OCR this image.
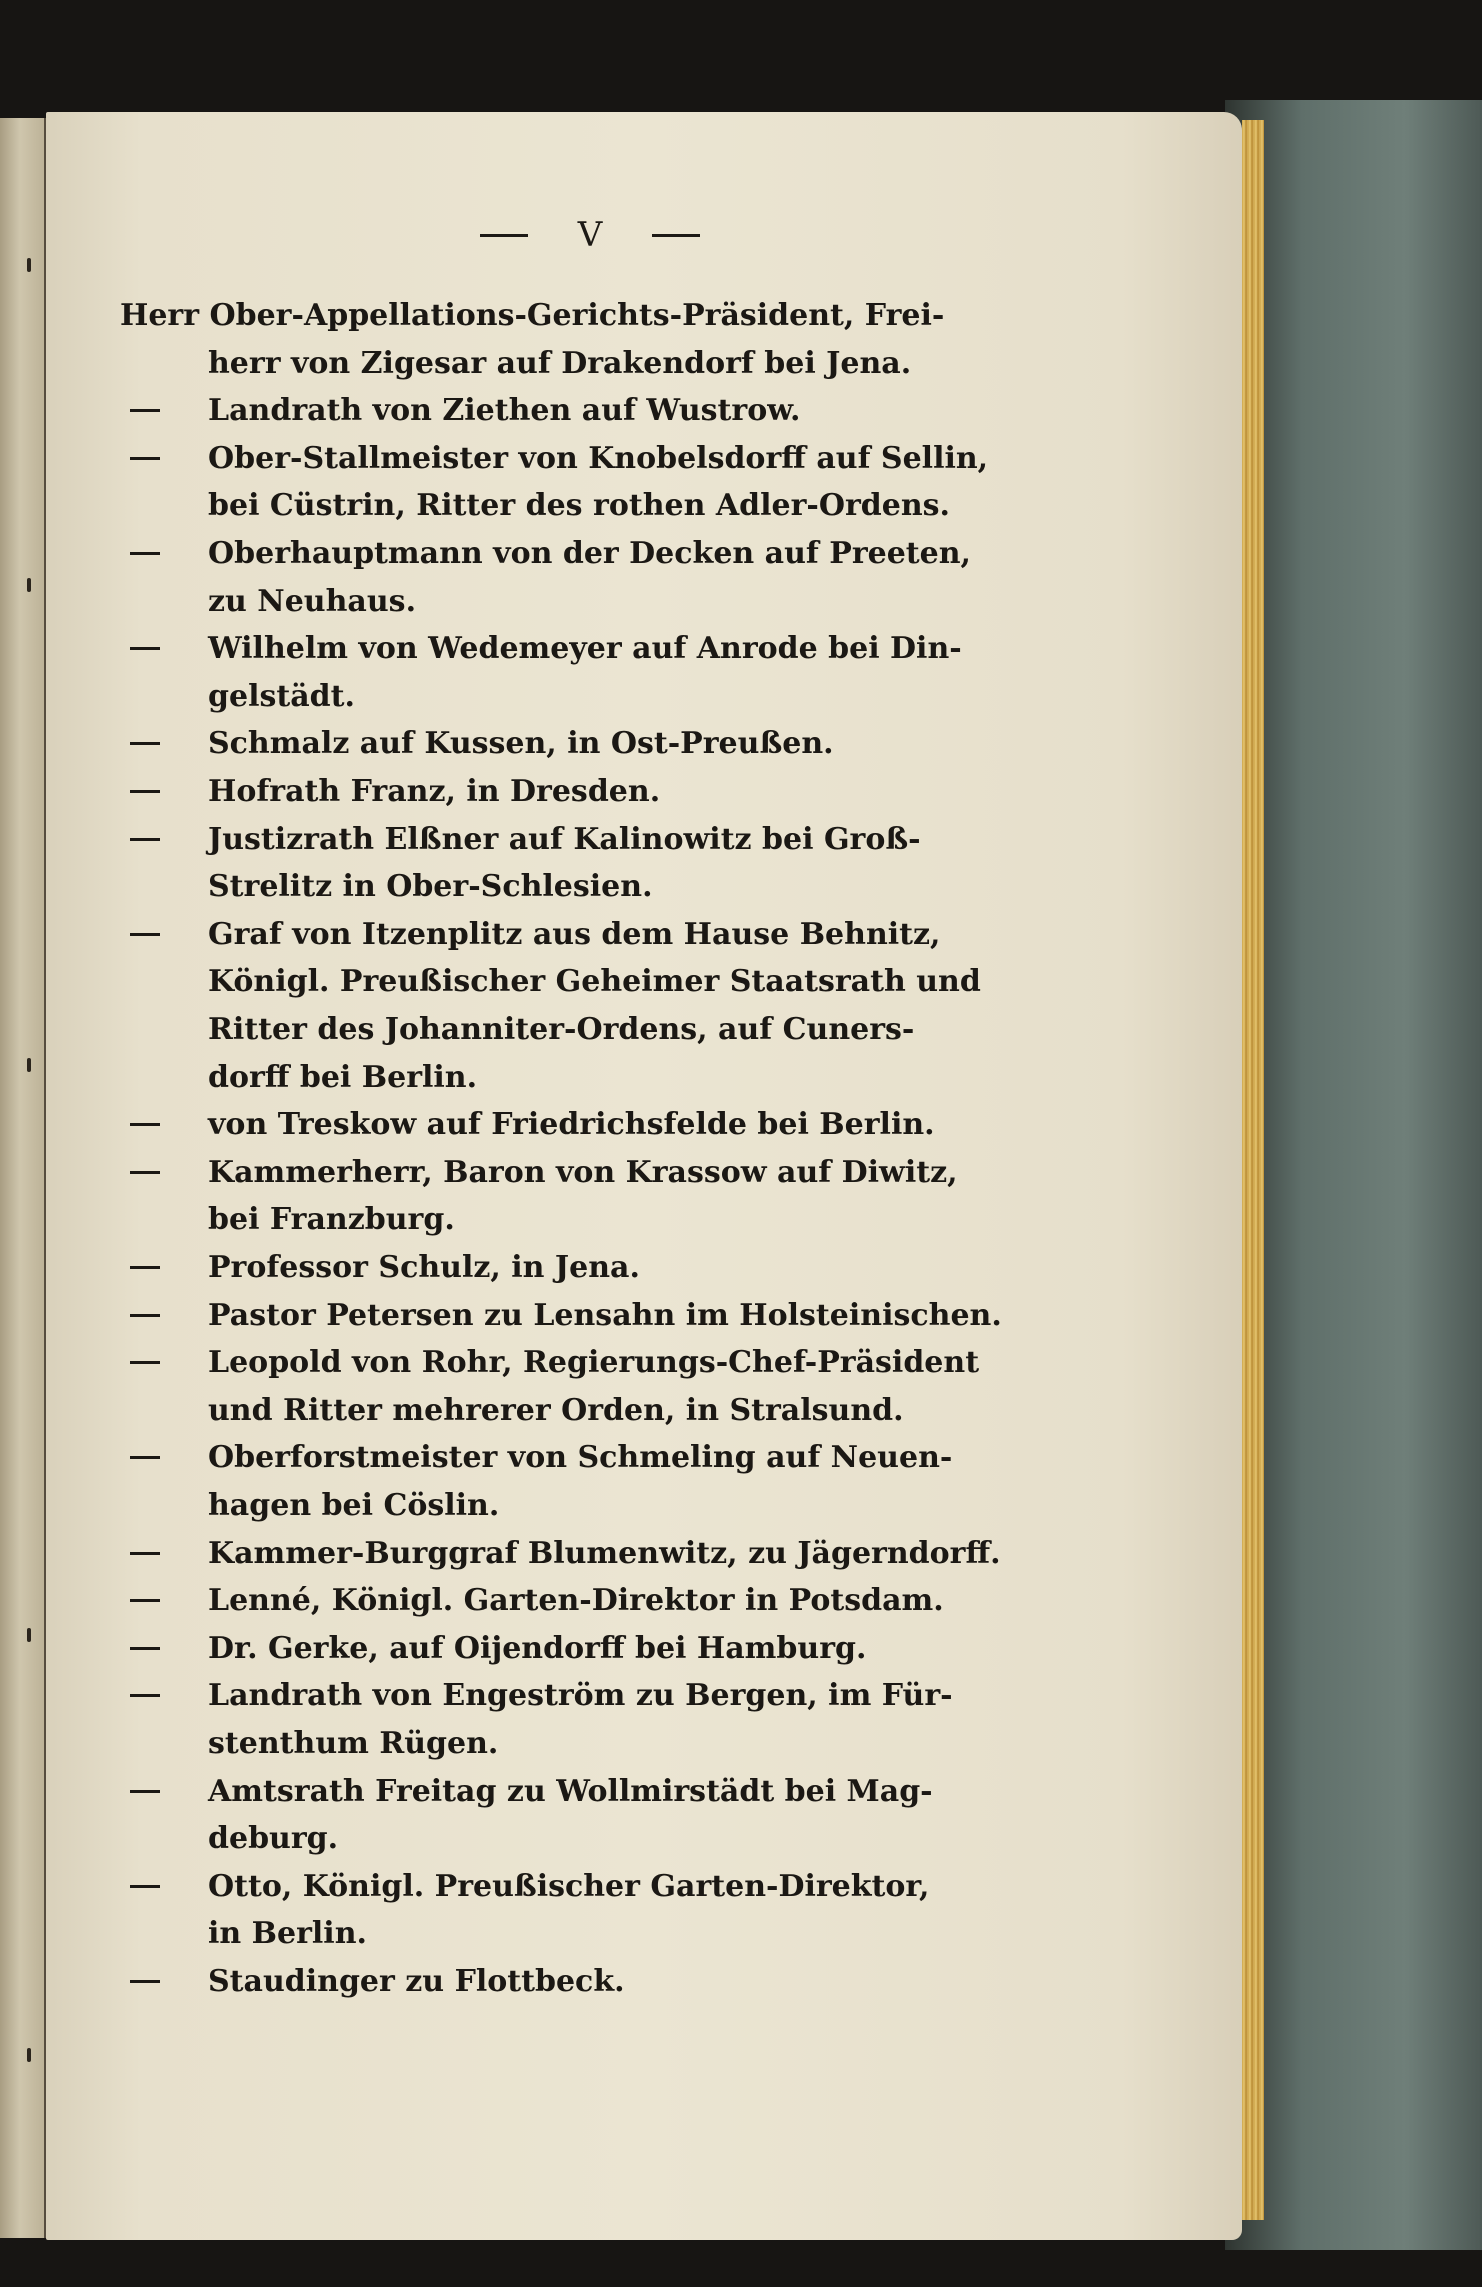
V
Herr Ober-Appellations-Gerichts-Präsident, Frei-
herr von Zigesar auf Drakendorf bei Jena.
Landrath von Ziethen auf Wustrow.
Ober-Stallmeister von Knobelsdorff auf Sellin,
bei Cüstrin, Ritter des rothen Adler-Ordens.
Oberhauptmann von der Decken auf Preeten,
zu Neuhaus.
Wilhelm von Wedemeyer auf Anrode bei Din-
gelstädt.
Schmalz auf Kussen, in Ost-Preußen.
Hofrath Franz, in Dresden.
Justizrath Elßner auf Kalinowitz bei Groß-
Strelitz in Ober-Schlesien.
Graf von Itzenplitz aus dem Hause Behnitz,
Königl. Preußischer Geheimer Staatsrath und
Ritter des Johanniter-Ordens, auf Cuners-
dorff bei Berlin.
von Treskow auf Friedrichsfelde bei Berlin.
Kammerherr, Baron von Krassow auf Diwitz,
bei Franzburg.
Professor Schulz, in Jena.
Pastor Petersen zu Lensahn im Holsteinischen.
Leopold von Rohr, Regierungs-Chef-Präsident
und Ritter mehrerer Orden, in Stralsund.
Oberforstmeister von Schmeling auf Neuen-
hagen bei Cöslin.
Kammer-Burggraf Blumenwitz, zu Jägerndorff.
Lenné, Königl. Garten-Direktor in Potsdam.
Dr. Gerke, auf Oijendorff bei Hamburg.
Landrath von Engeström zu Bergen, im Für-
stenthum Rügen.
Amtsrath Freitag zu Wollmirstädt bei Mag-
deburg.
Otto, Königl. Preußischer Garten-Direktor,
in Berlin.
Staudinger zu Flottbeck.
